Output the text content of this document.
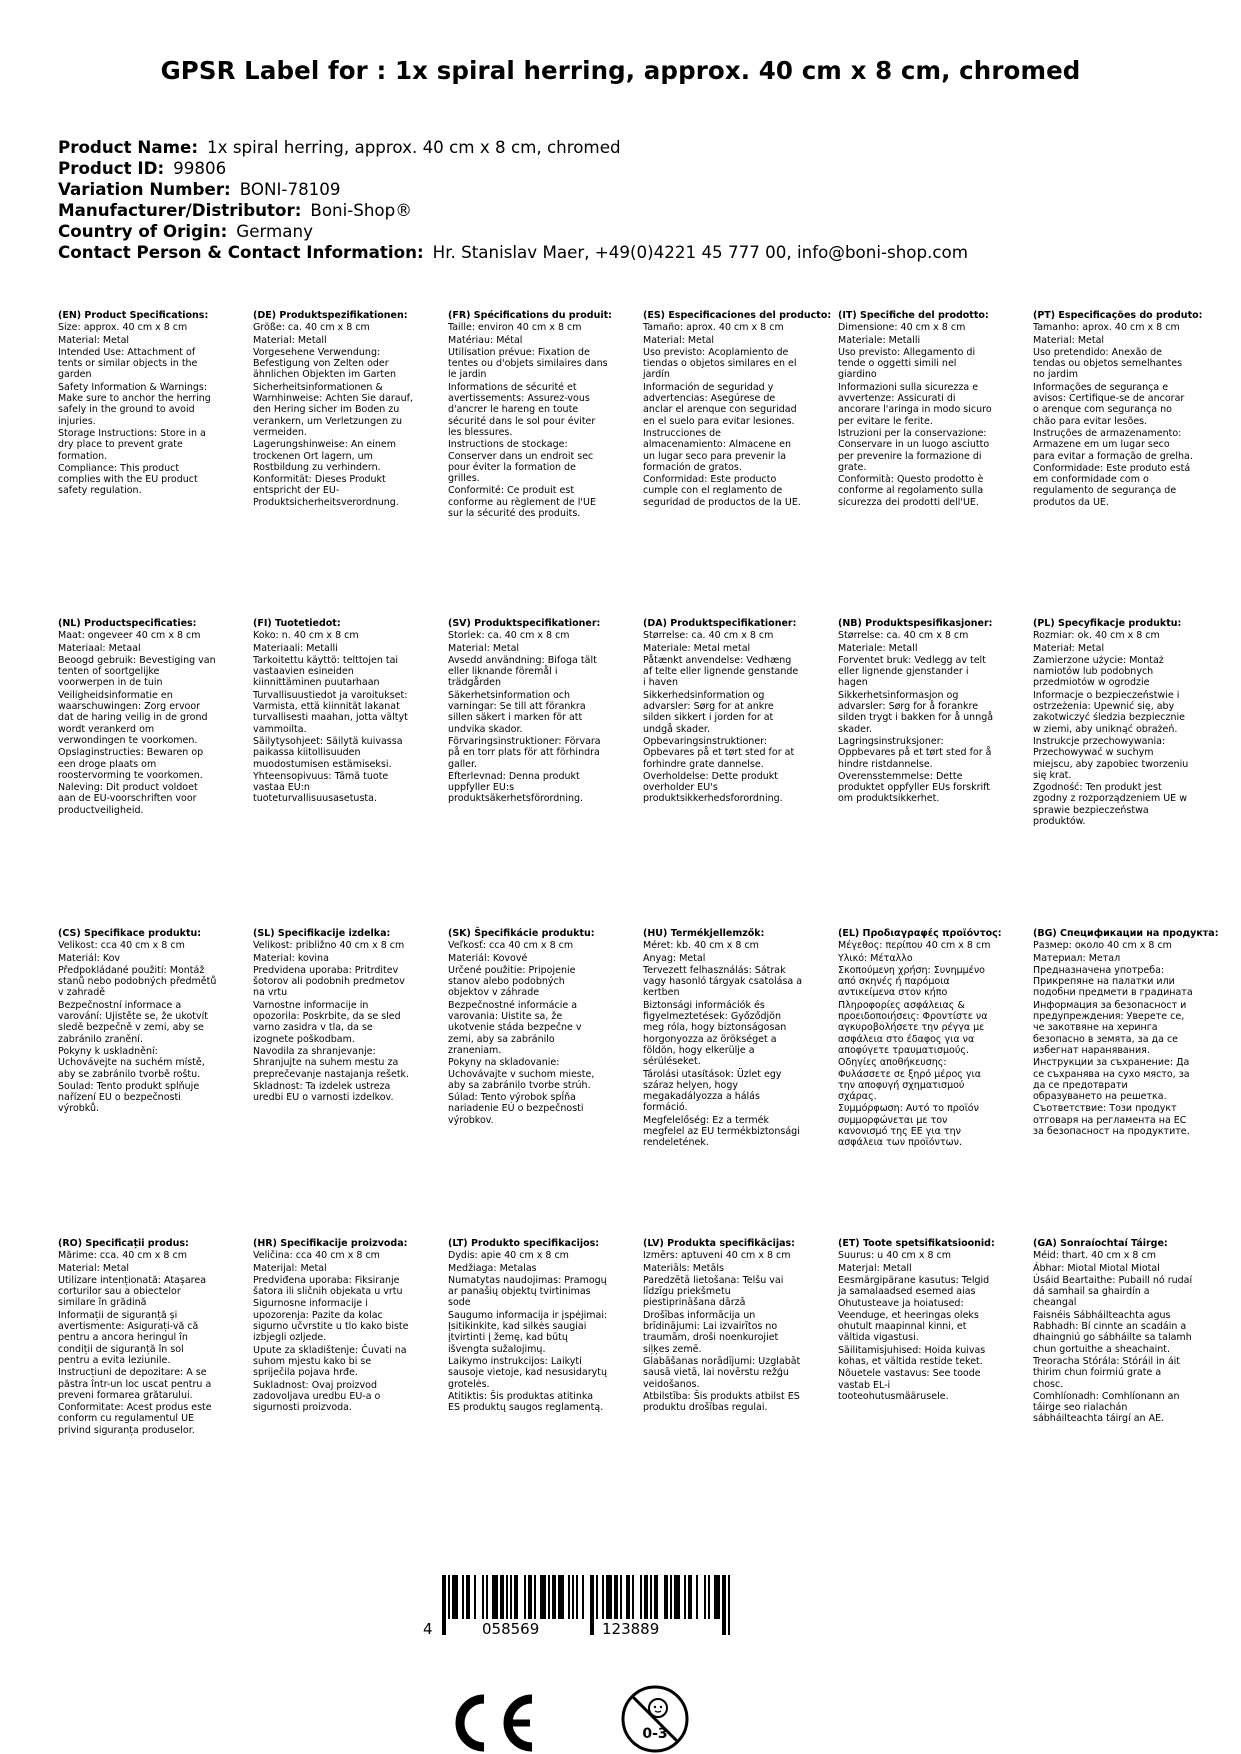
GPSR Label for : 1x spiral herring, approx. 40 cm x 8 cm, chromed
Product Name: 1x spiral herring, approx. 40 cm x 8 cm, chromed
Product ID: 99806
Variation Number: BONI-78109
Manufacturer/Distributor: Boni-Shop®
Country of Origin: Germany
Contact Person & Contact Information: Hr. Stanislav Maer, +49(0)4221 45 777 00, info@boni-shop.com
(EN) Product Specifications:
Size: approx. 40 cm x 8 cm
Material: Metal
Intended Use: Attachment of tents or similar objects in the garden
Safety Information & Warnings: Make sure to anchor the herring safely in the ground to avoid injuries.
Storage Instructions: Store in a dry place to prevent grate formation.
Compliance: This product complies with the EU product safety regulation.
(DE) Produktspezifikationen:
Größe: ca. 40 cm x 8 cm
Material: Metall
Vorgesehene Verwendung: Befestigung von Zelten oder ähnlichen Objekten im Garten
Sicherheitsinformationen & Warnhinweise: Achten Sie darauf, den Hering sicher im Boden zu verankern, um Verletzungen zu vermeiden.
Lagerungshinweise: An einem trockenen Ort lagern, um Rostbildung zu verhindern.
Konformität: Dieses Produkt entspricht der EU-Produktsicherheitsverordnung.
(FR) Spécifications du produit:
Taille: environ 40 cm x 8 cm
Matériau: Métal
Utilisation prévue: Fixation de tentes ou d'objets similaires dans le jardin
Informations de sécurité et avertissements: Assurez-vous d'ancrer le hareng en toute sécurité dans le sol pour éviter les blessures.
Instructions de stockage: Conserver dans un endroit sec pour éviter la formation de grilles.
Conformité: Ce produit est conforme au règlement de l'UE sur la sécurité des produits.
(ES) Especificaciones del producto:
Tamaño: aprox. 40 cm x 8 cm
Material: Metal
Uso previsto: Acoplamiento de tiendas o objetos similares en el jardín
Información de seguridad y advertencias: Asegúrese de anclar el arenque con seguridad en el suelo para evitar lesiones.
Instrucciones de almacenamiento: Almacene en un lugar seco para prevenir la formación de gratos.
Conformidad: Este producto cumple con el reglamento de seguridad de productos de la UE.
(IT) Specifiche del prodotto:
Dimensione: 40 cm x 8 cm
Materiale: Metalli
Uso previsto: Allegamento di tende o oggetti simili nel giardino
Informazioni sulla sicurezza e avvertenze: Assicurati di ancorare l'aringa in modo sicuro per evitare le ferite.
Istruzioni per la conservazione: Conservare in un luogo asciutto per prevenire la formazione di grate.
Conformità: Questo prodotto è conforme al regolamento sulla sicurezza dei prodotti dell'UE.
(PT) Especificações do produto:
Tamanho: aprox. 40 cm x 8 cm
Material: Metal
Uso pretendido: Anexão de tendas ou objetos semelhantes no jardim
Informações de segurança e avisos: Certifique-se de ancorar o arenque com segurança no chão para evitar lesões.
Instruções de armazenamento: Armazene em um lugar seco para evitar a formação de grelha.
Conformidade: Este produto está em conformidade com o regulamento de segurança de produtos da UE.
(NL) Productspecificaties:
Maat: ongeveer 40 cm x 8 cm
Materiaal: Metaal
Beoogd gebruik: Bevestiging van tenten of soortgelijke voorwerpen in de tuin
Veiligheidsinformatie en waarschuwingen: Zorg ervoor dat de haring veilig in de grond wordt verankerd om verwondingen te voorkomen.
Opslaginstructies: Bewaren op een droge plaats om roostervorming te voorkomen.
Naleving: Dit product voldoet aan de EU-voorschriften voor productveiligheid.
(FI) Tuotetiedot:
Koko: n. 40 cm x 8 cm
Materiaali: Metalli
Tarkoitettu käyttö: telttojen tai vastaavien esineiden kiinnittäminen puutarhaan
Turvallisuustiedot ja varoitukset: Varmista, että kiinnität lakanat turvallisesti maahan, jotta vältyt vammoilta.
Säilytysohjeet: Säilytä kuivassa paikassa kiitollisuuden muodostumisen estämiseksi.
Yhteensopivuus: Tämä tuote vastaa EU:n tuoteturvallisuusasetusta.
(SV) Produktspecifikationer:
Storlek: ca. 40 cm x 8 cm
Material: Metal
Avsedd användning: Bifoga tält eller liknande föremål i trädgården
Säkerhetsinformation och varningar: Se till att förankra sillen säkert i marken för att undvika skador.
Förvaringsinstruktioner: Förvara på en torr plats för att förhindra galler.
Efterlevnad: Denna produkt uppfyller EU:s produktsäkerhetsförordning.
(DA) Produktspecifikationer:
Størrelse: ca. 40 cm x 8 cm
Materiale: Metal metal
Påtænkt anvendelse: Vedhæng af telte eller lignende genstande i haven
Sikkerhedsinformation og advarsler: Sørg for at ankre silden sikkert i jorden for at undgå skader.
Opbevaringsinstruktioner: Opbevares på et tørt sted for at forhindre grate dannelse.
Overholdelse: Dette produkt overholder EU's produktsikkerhedsforordning.
(NB) Produktspesifikasjoner:
Størrelse: ca. 40 cm x 8 cm
Materiale: Metall
Forventet bruk: Vedlegg av telt eller lignende gjenstander i hagen
Sikkerhetsinformasjon og advarsler: Sørg for å forankre silden trygt i bakken for å unngå skader.
Lagringsinstruksjoner: Oppbevares på et tørt sted for å hindre ristdannelse.
Overensstemmelse: Dette produktet oppfyller EUs forskrift om produktsikkerhet.
(PL) Specyfikacje produktu:
Rozmiar: ok. 40 cm x 8 cm
Materiał: Metal
Zamierzone użycie: Montaż namiotów lub podobnych przedmiotów w ogrodzie
Informacje o bezpieczeństwie i ostrzeżenia: Upewnić się, aby zakotwiczyć śledzia bezpiecznie w ziemi, aby uniknąć obrażeń.
Instrukcje przechowywania: Przechowywać w suchym miejscu, aby zapobiec tworzeniu się krat.
Zgodność: Ten produkt jest zgodny z rozporządzeniem UE w sprawie bezpieczeństwa produktów.
(CS) Specifikace produktu:
Velikost: cca 40 cm x 8 cm
Materiál: Kov
Předpokládané použití: Montáž stanů nebo podobných předmětů v zahradě
Bezpečnostní informace a varování: Ujistěte se, že ukotvít sledě bezpečně v zemi, aby se zabránilo zranění.
Pokyny k uskladnění: Uchovávejte na suchém místě, aby se zabránilo tvorbě roštu.
Soulad: Tento produkt splňuje nařízení EU o bezpečnosti výrobků.
(SL) Specifikacije izdelka:
Velikost: približno 40 cm x 8 cm
Material: kovina
Predvidena uporaba: Pritrditev šotorov ali podobnih predmetov na vrtu
Varnostne informacije in opozorila: Poskrbite, da se sled varno zasidra v tla, da se izognete poškodbam.
Navodila za shranjevanje: Shranjujte na suhem mestu za preprečevanje nastajanja rešetk.
Skladnost: Ta izdelek ustreza uredbi EU o varnosti izdelkov.
(SK) Špecifikácie produktu:
Veľkosť: cca 40 cm x 8 cm
Materiál: Kovové
Určené použitie: Pripojenie stanov alebo podobných objektov v záhrade
Bezpečnostné informácie a varovania: Uistite sa, že ukotvenie stáda bezpečne v zemi, aby sa zabránilo zraneniam.
Pokyny na skladovanie: Uchovávajte v suchom mieste, aby sa zabránilo tvorbe strúh.
Súlad: Tento výrobok spĺňa nariadenie EÚ o bezpečnosti výrobkov.
(HU) Termékjellemzők:
Méret: kb. 40 cm x 8 cm
Anyag: Metal
Tervezett felhasználás: Sátrak vagy hasonló tárgyak csatolása a kertben
Biztonsági információk és figyelmeztetések: Győződjön meg róla, hogy biztonságosan horgonyozza az örökséget a földön, hogy elkerülje a sérüléseket.
Tárolási utasítások: Üzlet egy száraz helyen, hogy megakadályozza a hálás formáció.
Megfelelőség: Ez a termék megfelel az EU termékbiztonsági rendeletének.
(EL) Προδιαγραφές προϊόντος:
Μέγεθος: περίπου 40 cm x 8 cm
Υλικό: Μέταλλο
Σκοπούμενη χρήση: Συνημμένο από σκηνές ή παρόμοια αντικείμενα στον κήπο
Πληροφορίες ασφάλειας & προειδοποιήσεις: Φροντίστε να αγκυροβολήσετε την ρέγγα με ασφάλεια στο έδαφος για να αποφύγετε τραυματισμούς.
Οδηγίες αποθήκευσης: Φυλάσσετε σε ξηρό μέρος για την αποφυγή σχηματισμού σχάρας.
Συμμόρφωση: Αυτό το προϊόν συμμορφώνεται με τον κανονισμό της ΕΕ για την ασφάλεια των προϊόντων.
(BG) Спецификации на продукта:
Размер: около 40 cm x 8 cm
Материал: Метал
Предназначена употреба: Прикрепяне на палатки или подобни предмети в градината
Информация за безопасност и предупреждения: Уверете се, че закотвяне на херинга безопасно в земята, за да се избегнат наранявания.
Инструкции за съхранение: Да се съхранява на сухо място, за да се предотврати образуването на решетка.
Съответствие: Този продукт отговаря на регламента на ЕС за безопасност на продуктите.
(RO) Specificații produs:
Mărime: cca. 40 cm x 8 cm
Material: Metal
Utilizare intenționată: Atașarea corturilor sau a obiectelor similare în grădină
Informații de siguranță și avertismente: Asigurați-vă că pentru a ancora heringul în condiții de siguranță în sol pentru a evita leziunile.
Instrucțiuni de depozitare: A se păstra într-un loc uscat pentru a preveni formarea grătarului.
Conformitate: Acest produs este conform cu regulamentul UE privind siguranța produselor.
(HR) Specifikacije proizvoda:
Veličina: cca 40 cm x 8 cm
Materijal: Metal
Predviđena uporaba: Fiksiranje šatora ili sličnih objekata u vrtu
Sigurnosne informacije i upozorenja: Pazite da kolac sigurno učvrstite u tlo kako biste izbjegli ozljede.
Upute za skladištenje: Čuvati na suhom mjestu kako bi se spriječila pojava hrđe.
Sukladnost: Ovaj proizvod zadovoljava uredbu EU-a o sigurnosti proizvoda.
(LT) Produkto specifikacijos:
Dydis: apie 40 cm x 8 cm
Medžiaga: Metalas
Numatytas naudojimas: Pramogų ar panašių objektų tvirtinimas sode
Saugumo informacija ir įspėjimai: Įsitikinkite, kad silkės saugiai įtvirtinti į žemę, kad būtų išvengta sužalojimų.
Laikymo instrukcijos: Laikyti sausoje vietoje, kad nesusidarytų grotelės.
Atitiktis: Šis produktas atitinka ES produktų saugos reglamentą.
(LV) Produkta specifikācijas:
Izmērs: aptuveni 40 cm x 8 cm
Materiāls: Metāls
Paredzētā lietošana: Telšu vai līdzīgu priekšmetu piestiprināšana dārzā
Drošības informācija un brīdinājumi: Lai izvairītos no traumām, droši noenkurojiet siļķes zemē.
Glabāšanas norādījumi: Uzglabāt sausā vietā, lai novērstu režģu veidošanos.
Atbilstība: Šis produkts atbilst ES produktu drošības regulai.
(ET) Toote spetsifikatsioonid:
Suurus: u 40 cm x 8 cm
Materjal: Metall
Eesmärgipärane kasutus: Telgid ja samalaadsed esemed aias
Ohutusteave ja hoiatused: Veenduge, et heeringas oleks ohutult maapinnal kinni, et vältida vigastusi.
Säilitamisjuhised: Hoida kuivas kohas, et vältida restide teket.
Nõuetele vastavus: See toode vastab EL-i tooteohutusmäärusele.
(GA) Sonraíochtaí Táirge:
Méid: thart. 40 cm x 8 cm
Ábhar: Miotal Miotal Miotal
Úsáid Beartaithe: Pubaill nó rudaí dá samhail sa ghairdín a cheangal
Faisnéis Sábháilteachta agus Rabhadh: Bí cinnte an scadáin a dhaingniú go sábháilte sa talamh chun gortuithe a sheachaint.
Treoracha Stórála: Stóráil in áit thirim chun foirmiú grate a chosc.
Comhlíonadh: Comhlíonann an táirge seo rialachán sábháilteachta táirgí an AE.
4	058569	123889
0-3
